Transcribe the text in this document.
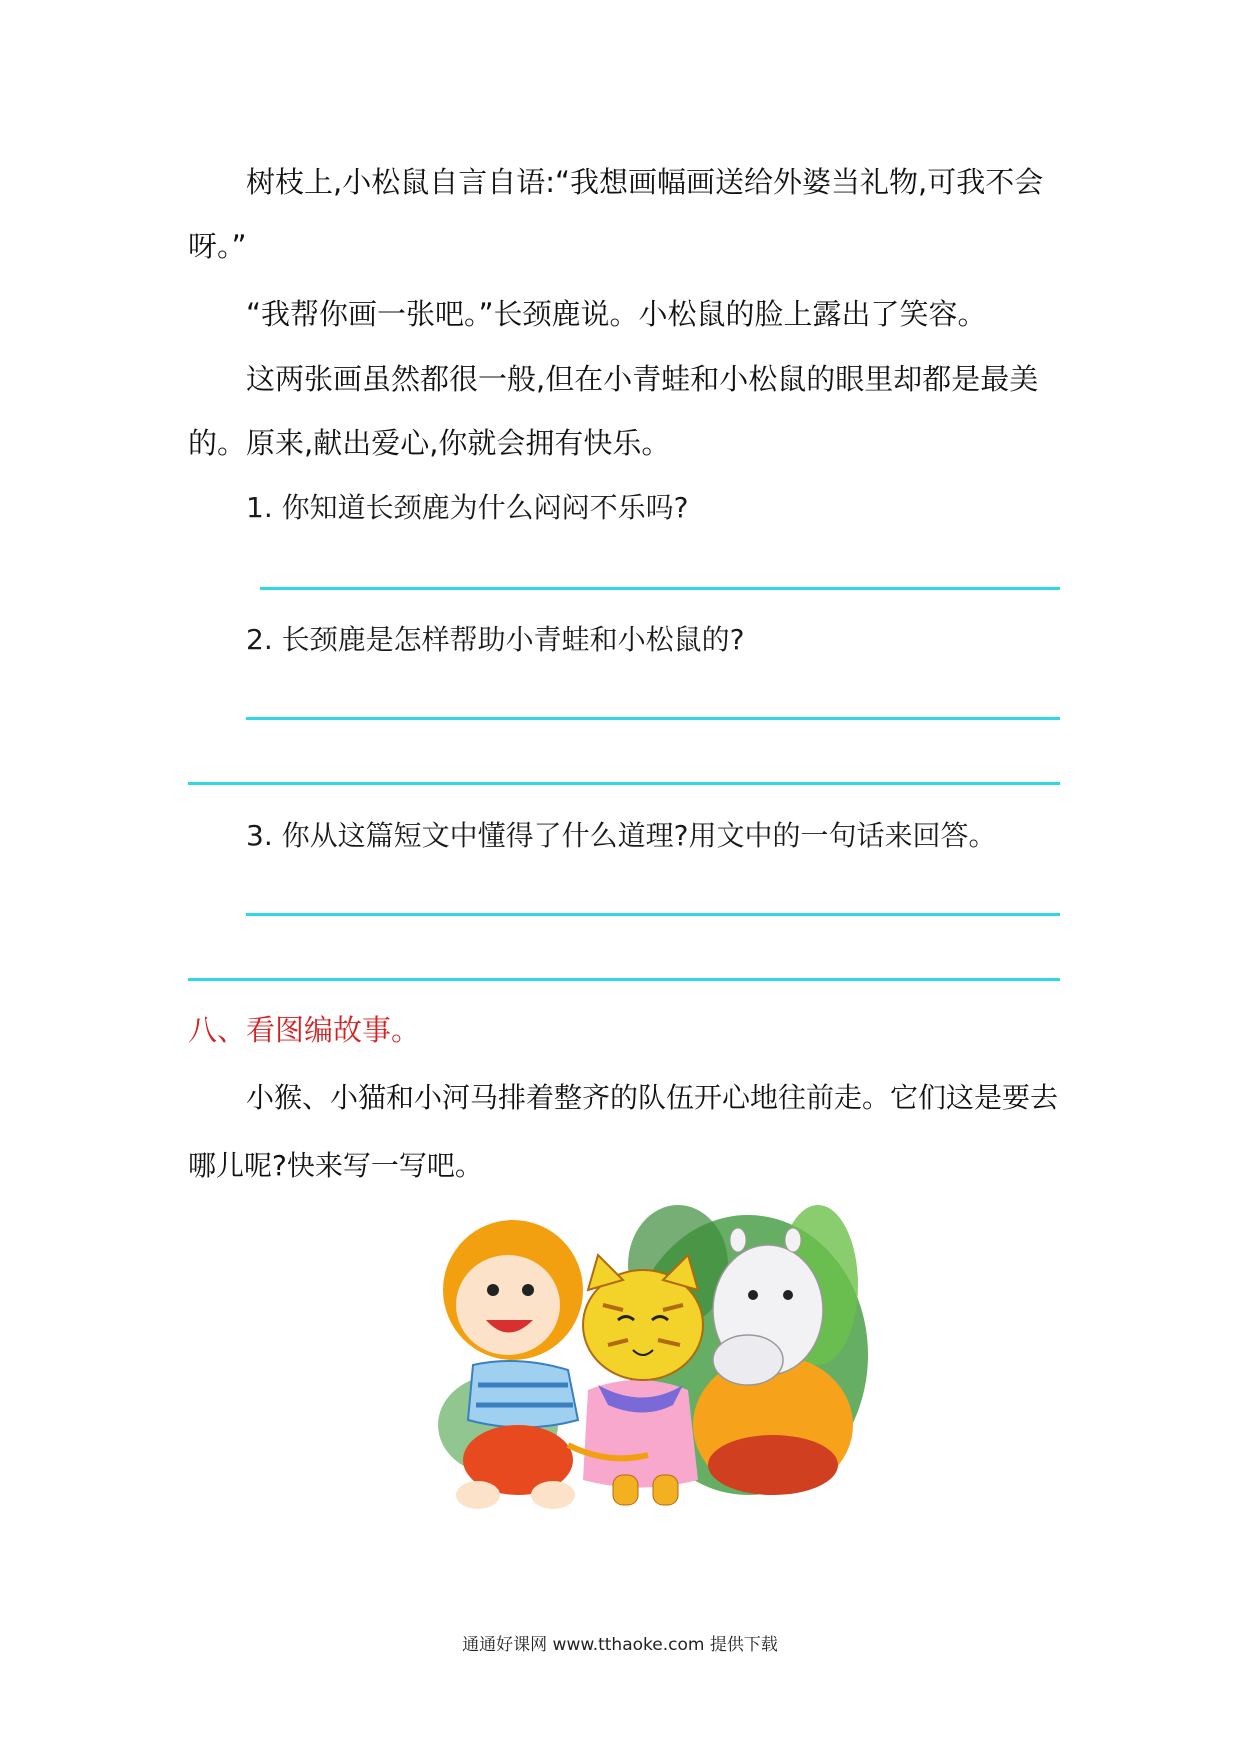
树枝上,小松鼠自言自语:“我想画幅画送给外婆当礼物,可我不会呀。”

“我帮你画一张吧。”长颈鹿说。小松鼠的脸上露出了笑容。

这两张画虽然都很一般,但在小青蛙和小松鼠的眼里却都是最美的。原来,献出爱心,你就会拥有快乐。

1. 你知道长颈鹿为什么闷闷不乐吗?

2. 长颈鹿是怎样帮助小青蛙和小松鼠的?

3. 你从这篇短文中懂得了什么道理?用文中的一句话来回答。

八、看图编故事。

小猴、小猫和小河马排着整齐的队伍开心地往前走。它们这是要去哪儿呢?快来写一写吧。

通通好课网 www.tthaoke.com 提供下载
